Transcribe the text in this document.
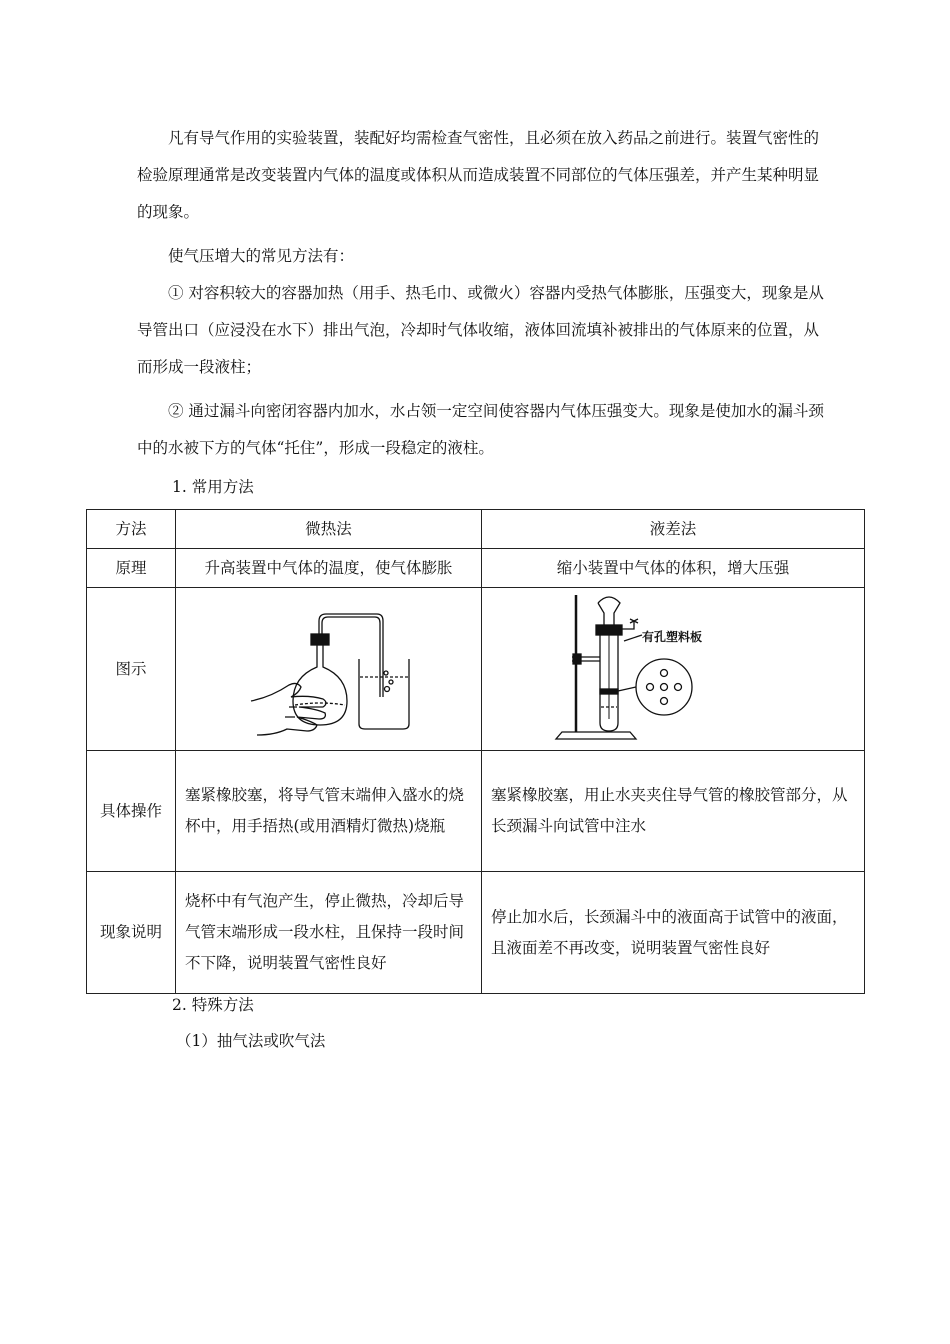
凡有导气作用的实验装置，装配好均需检查气密性，且必须在放入药品之前进行。装置气密性的检验原理通常是改变装置内气体的温度或体积从而造成装置不同部位的气体压强差，并产生某种明显的现象。

使气压增大的常见方法有：

① 对容积较大的容器加热（用手、热毛巾、或微火）容器内受热气体膨胀，压强变大，现象是从导管出口（应浸没在水下）排出气泡，冷却时气体收缩，液体回流填补被排出的气体原来的位置，从而形成一段液柱；

② 通过漏斗向密闭容器内加水，水占领一定空间使容器内气体压强变大。现象是使加水的漏斗颈中的水被下方的气体“托住”，形成一段稳定的液柱。

1. 常用方法
方法	微热法	液差法
原理	升高装置中气体的温度，使气体膨胀	缩小装置中气体的体积，增大压强
图示		有孔塑料板

具体操作	塞紧橡胶塞，将导气管末端伸入盛水的烧杯中，用手捂热(或用酒精灯微热)烧瓶	塞紧橡胶塞，用止水夹夹住导气管的橡胶管部分，从长颈漏斗向试管中注水
现象说明	烧杯中有气泡产生，停止微热，冷却后导气管末端形成一段水柱，且保持一段时间不下降，说明装置气密性良好	停止加水后，长颈漏斗中的液面高于试管中的液面，且液面差不再改变，说明装置气密性良好
2. 特殊方法
（1）抽气法或吹气法
